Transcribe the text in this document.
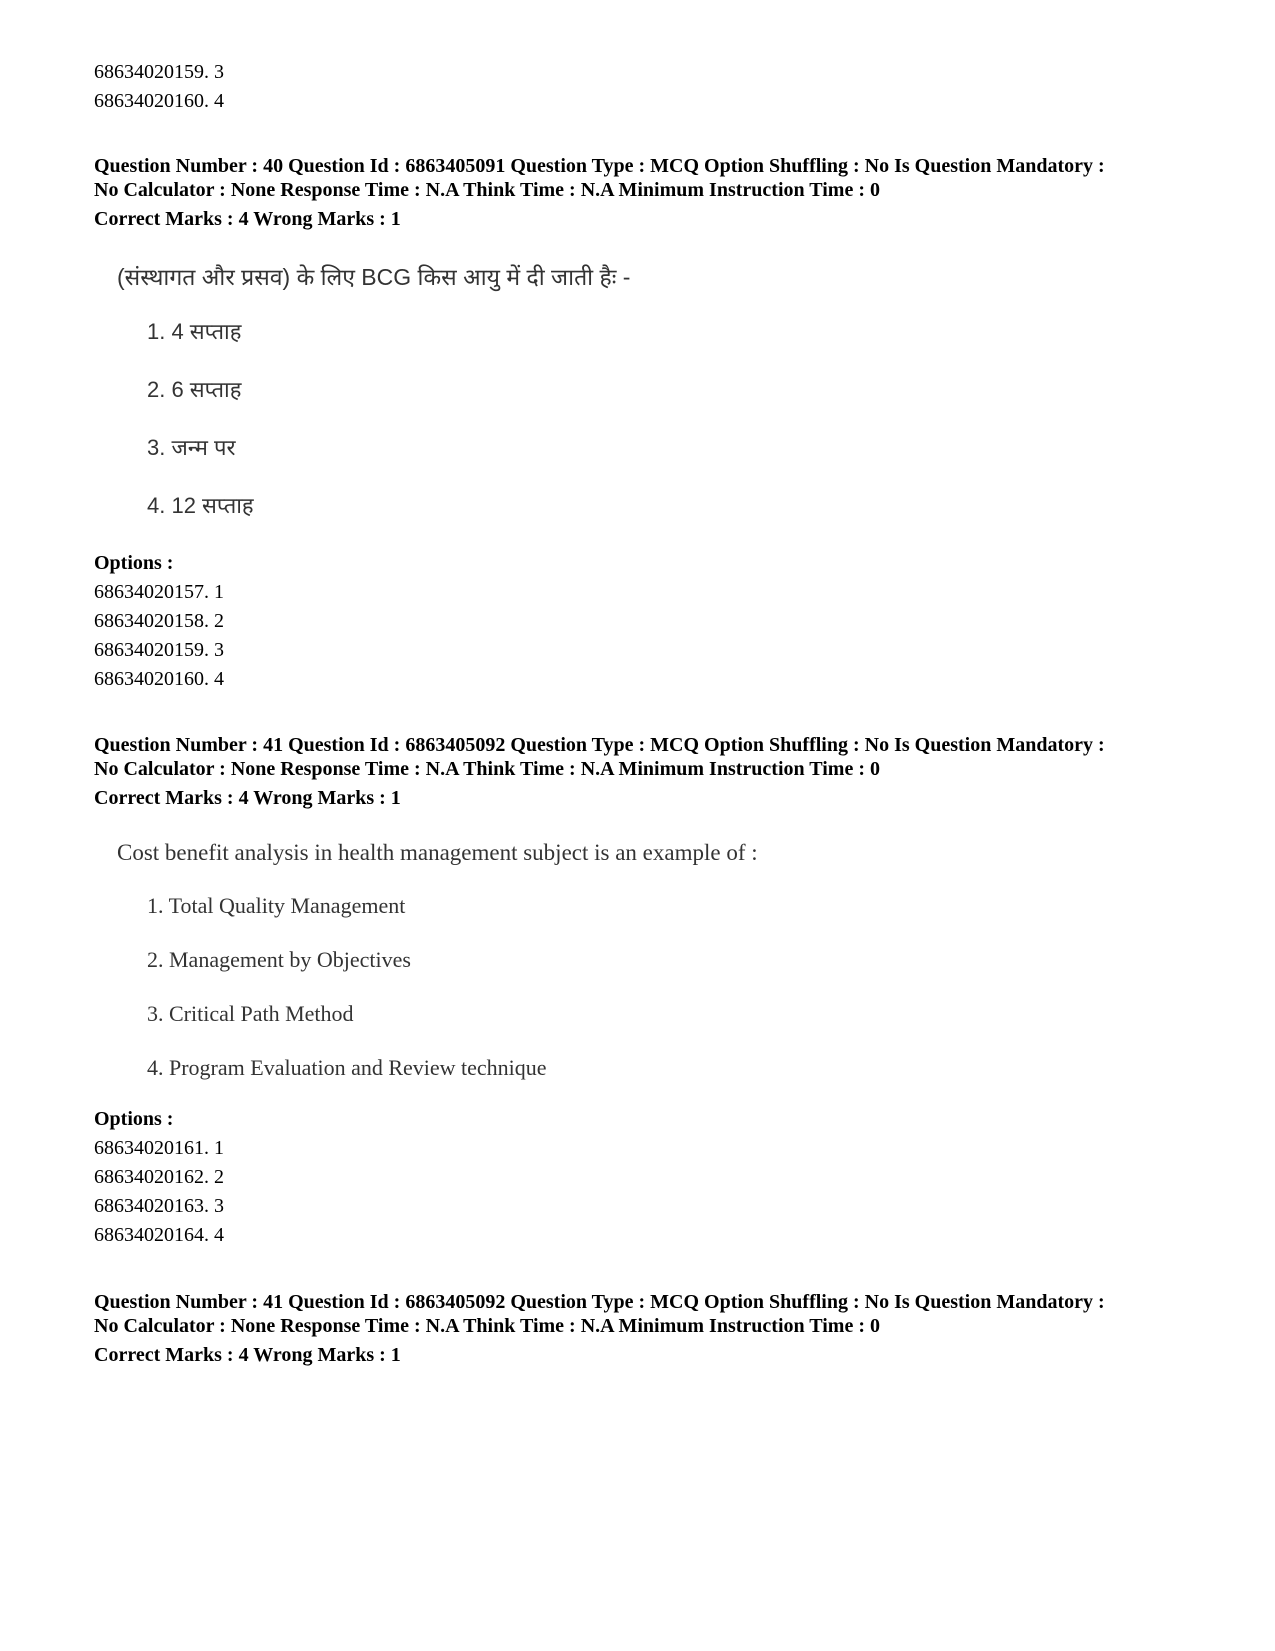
68634020159. 3
68634020160. 4
Question Number : 40 Question Id : 6863405091 Question Type : MCQ Option Shuffling : No Is Question Mandatory :
No Calculator : None Response Time : N.A Think Time : N.A Minimum Instruction Time : 0
Correct Marks : 4 Wrong Marks : 1
(संस्थागत और प्रसव) के लिए BCG किस आयु में दी जाती हैः -
1. 4 सप्ताह
2. 6 सप्ताह
3. जन्म पर
4. 12 सप्ताह
Options :
68634020157. 1
68634020158. 2
68634020159. 3
68634020160. 4
Question Number : 41 Question Id : 6863405092 Question Type : MCQ Option Shuffling : No Is Question Mandatory :
No Calculator : None Response Time : N.A Think Time : N.A Minimum Instruction Time : 0
Correct Marks : 4 Wrong Marks : 1
Cost benefit analysis in health management subject is an example of :
1. Total Quality Management
2. Management by Objectives
3. Critical Path Method
4. Program Evaluation and Review technique
Options :
68634020161. 1
68634020162. 2
68634020163. 3
68634020164. 4
Question Number : 41 Question Id : 6863405092 Question Type : MCQ Option Shuffling : No Is Question Mandatory :
No Calculator : None Response Time : N.A Think Time : N.A Minimum Instruction Time : 0
Correct Marks : 4 Wrong Marks : 1
